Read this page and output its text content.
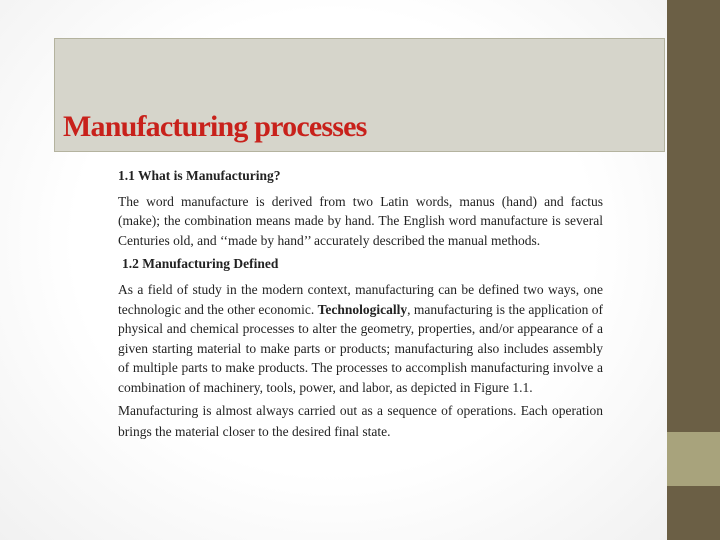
Manufacturing processes

1.1 What is Manufacturing?

The word manufacture is derived from two Latin words, manus (hand) and factus (make); the combination means made by hand. The English word manufacture is several Centuries old, and ‘‘made by hand’’ accurately described the manual methods.

1.2 Manufacturing Defined

As a field of study in the modern context, manufacturing can be defined two ways, one technologic and the other economic. Technologically, manufacturing is the application of physical and chemical processes to alter the geometry, properties, and/or appearance of a given starting material to make parts or products; manufacturing also includes assembly of multiple parts to make products. The processes to accomplish manufacturing involve a combination of machinery, tools, power, and labor, as depicted in Figure 1.1.

Manufacturing is almost always carried out as a sequence of operations. Each operation brings the material closer to the desired final state.
